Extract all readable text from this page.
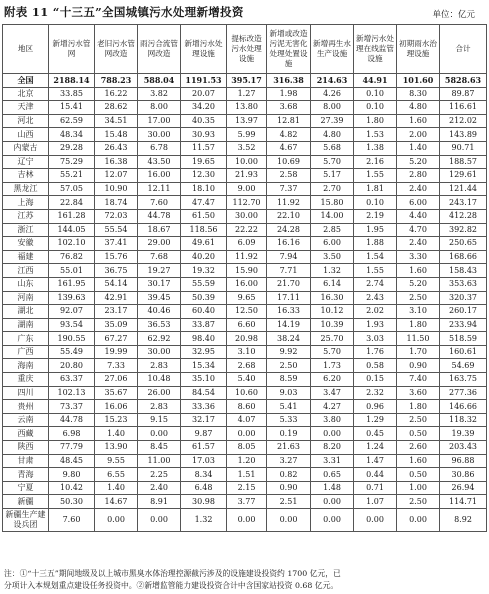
附表 11 “十三五”全国城镇污水处理新增投资	单位：亿元
地区	新增污水管网	老旧污水管网改造	雨污合流管网改造	新增污水处理设施	提标改造污水处理设施	新增或改造污泥无害化处理处置设施	新增再生水生产设施	新增污水处理在线监管设施	初期雨水治理设施	合计
全国	2188.14	788.23	588.04	1191.53	395.17	316.38	214.63	44.91	101.60	5828.63
北京	33.85	16.22	3.82	20.07	1.27	1.98	4.26	0.10	8.30	89.87
天津	15.41	28.62	8.00	34.20	13.80	3.68	8.00	0.10	4.80	116.61
河北	62.59	34.51	17.00	40.35	13.97	12.81	27.39	1.80	1.60	212.02
山西	48.34	15.48	30.00	30.93	5.99	4.82	4.80	1.53	2.00	143.89
内蒙古	29.28	26.43	6.78	11.57	3.52	4.67	5.68	1.38	1.40	90.71
辽宁	75.29	16.38	43.50	19.65	10.00	10.69	5.70	2.16	5.20	188.57
吉林	55.21	12.07	16.00	12.30	21.93	2.58	5.17	1.55	2.80	129.61
黑龙江	57.05	10.90	12.11	18.10	9.00	7.37	2.70	1.81	2.40	121.44
上海	22.84	18.74	7.60	47.47	112.70	11.92	15.80	0.10	6.00	243.17
江苏	161.28	72.03	44.78	61.50	30.00	22.10	14.00	2.19	4.40	412.28
浙江	144.05	55.54	18.67	118.56	22.22	24.28	2.85	1.95	4.70	392.82
安徽	102.10	37.41	29.00	49.61	6.09	16.16	6.00	1.88	2.40	250.65
福建	76.82	15.76	7.68	40.20	11.92	7.94	3.50	1.54	3.30	168.66
江西	55.01	36.75	19.27	19.32	15.90	7.71	1.32	1.55	1.60	158.43
山东	161.95	54.14	30.17	55.59	16.00	21.70	6.14	2.74	5.20	353.63
河南	139.63	42.91	39.45	50.39	9.65	17.11	16.30	2.43	2.50	320.37
湖北	92.07	23.17	40.46	60.40	12.50	16.33	10.12	2.02	3.10	260.17
湖南	93.54	35.09	36.53	33.87	6.60	14.19	10.39	1.93	1.80	233.94
广东	190.55	67.27	62.92	98.40	20.98	38.24	25.70	3.03	11.50	518.59
广西	55.49	19.99	30.00	32.95	3.10	9.92	5.70	1.76	1.70	160.61
海南	20.80	7.33	2.83	15.34	2.68	2.50	1.73	0.58	0.90	54.69
重庆	63.37	27.06	10.48	35.10	5.40	8.59	6.20	0.15	7.40	163.75
四川	102.13	35.67	26.00	84.54	10.60	9.03	3.47	2.32	3.60	277.36
贵州	73.37	16.06	2.83	33.36	8.60	5.41	4.27	0.96	1.80	146.66
云南	44.78	15.23	9.15	32.17	4.07	5.33	3.80	1.29	2.50	118.32
西藏	6.98	1.40	0.00	9.87	0.00	0.19	0.00	0.45	0.50	19.39
陕西	77.79	13.90	8.45	61.57	8.05	21.63	8.20	1.24	2.60	203.43
甘肃	48.45	9.55	11.00	17.03	1.20	3.27	3.31	1.47	1.60	96.88
青海	9.80	6.55	2.25	8.34	1.51	0.82	0.65	0.44	0.50	30.86
宁夏	10.42	1.40	2.40	6.48	2.15	0.90	1.48	0.71	1.00	26.94
新疆	50.30	14.67	8.91	30.98	3.77	2.51	0.00	1.07	2.50	114.71
新疆生产建设兵团	7.60	0.00	0.00	1.32	0.00	0.00	0.00	0.00	0.00	8.92

注：①“十三五”期间地级及以上城市黑臭水体治理控源截污涉及的设施建设投资约 1700 亿元，已

分项计入本规划重点建设任务投资中。②新增监管能力建设投资合计中含国家站投资 0.68 亿元。
